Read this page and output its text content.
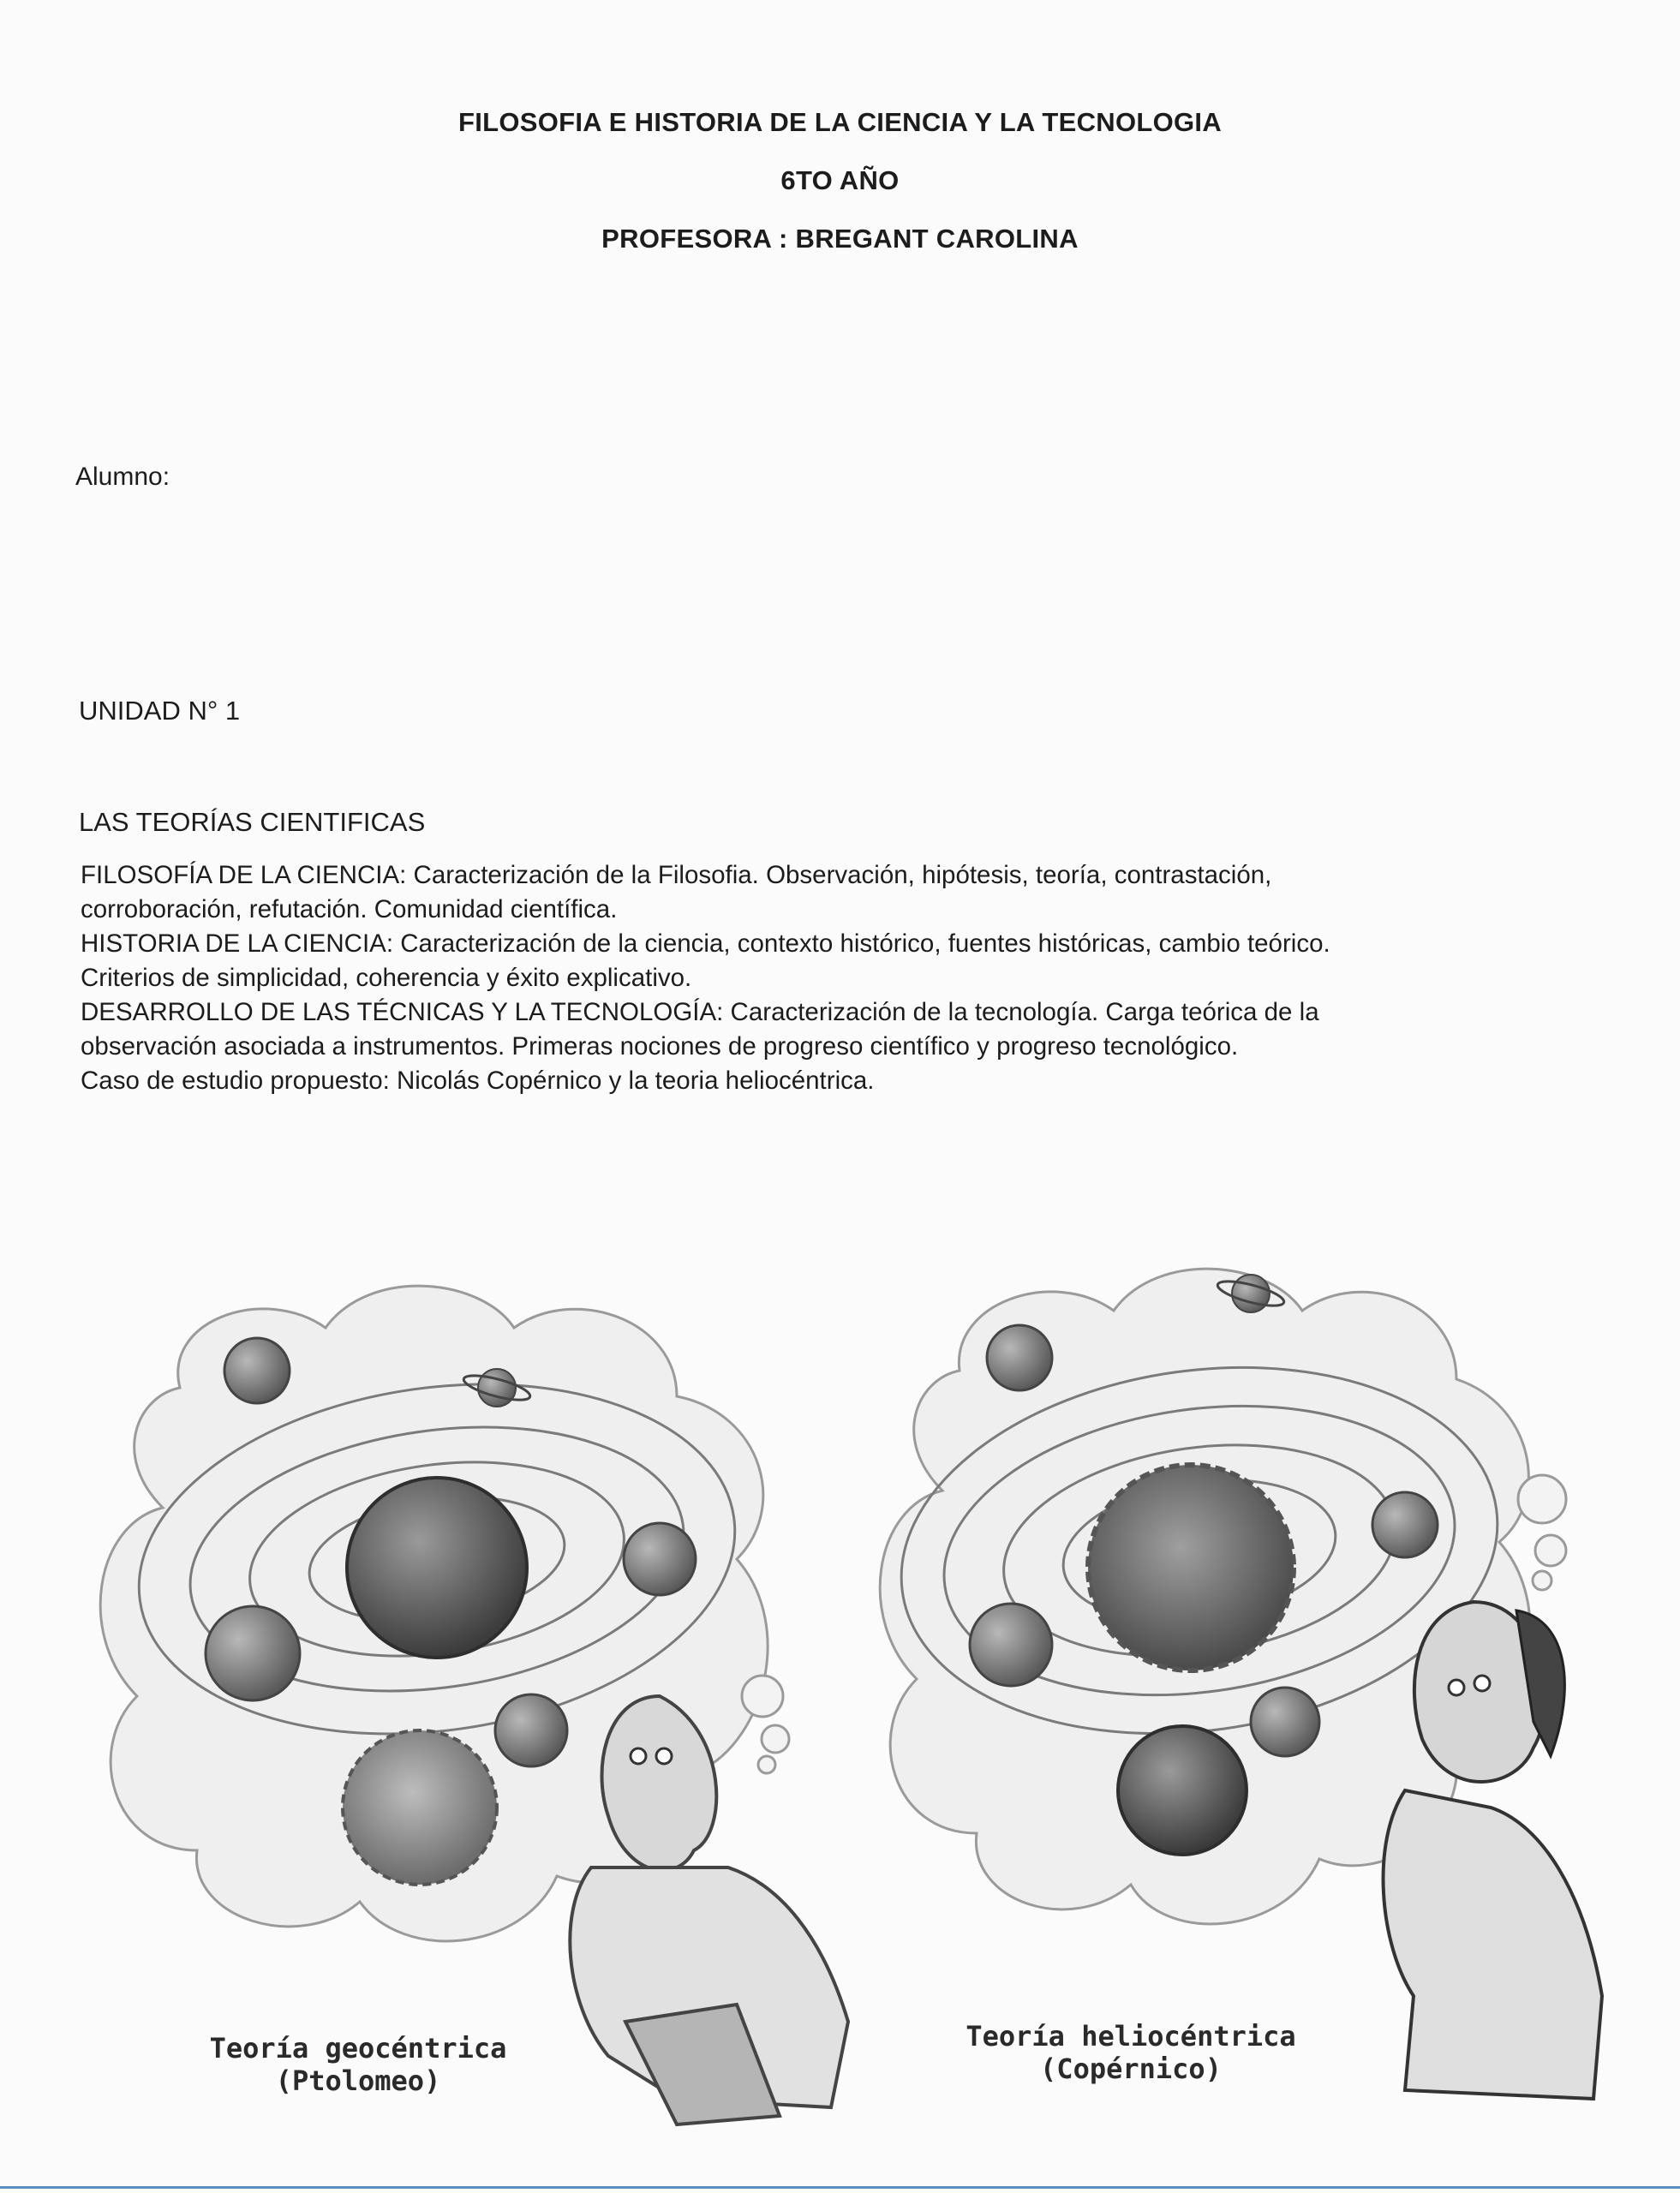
FILOSOFIA E HISTORIA DE LA CIENCIA Y LA TECNOLOGIA
6TO AÑO
PROFESORA : BREGANT CAROLINA
Alumno:
UNIDAD N° 1
LAS TEORÍAS CIENTIFICAS

FILOSOFÍA DE LA CIENCIA: Caracterización de la Filosofia. Observación, hipótesis, teoría, contrastación,

corroboración, refutación. Comunidad científica.

HISTORIA DE LA CIENCIA: Caracterización de la ciencia, contexto histórico, fuentes históricas, cambio teórico.

Criterios de simplicidad, coherencia y éxito explicativo.

DESARROLLO DE LAS TÉCNICAS Y LA TECNOLOGÍA: Caracterización de la tecnología. Carga teórica de la

observación asociada a instrumentos. Primeras nociones de progreso científico y progreso tecnológico.

Caso de estudio propuesto: Nicolás Copérnico y la teoria heliocéntrica.

Teoría geocéntrica
(Ptolomeo)
Teoría heliocéntrica
(Copérnico)
